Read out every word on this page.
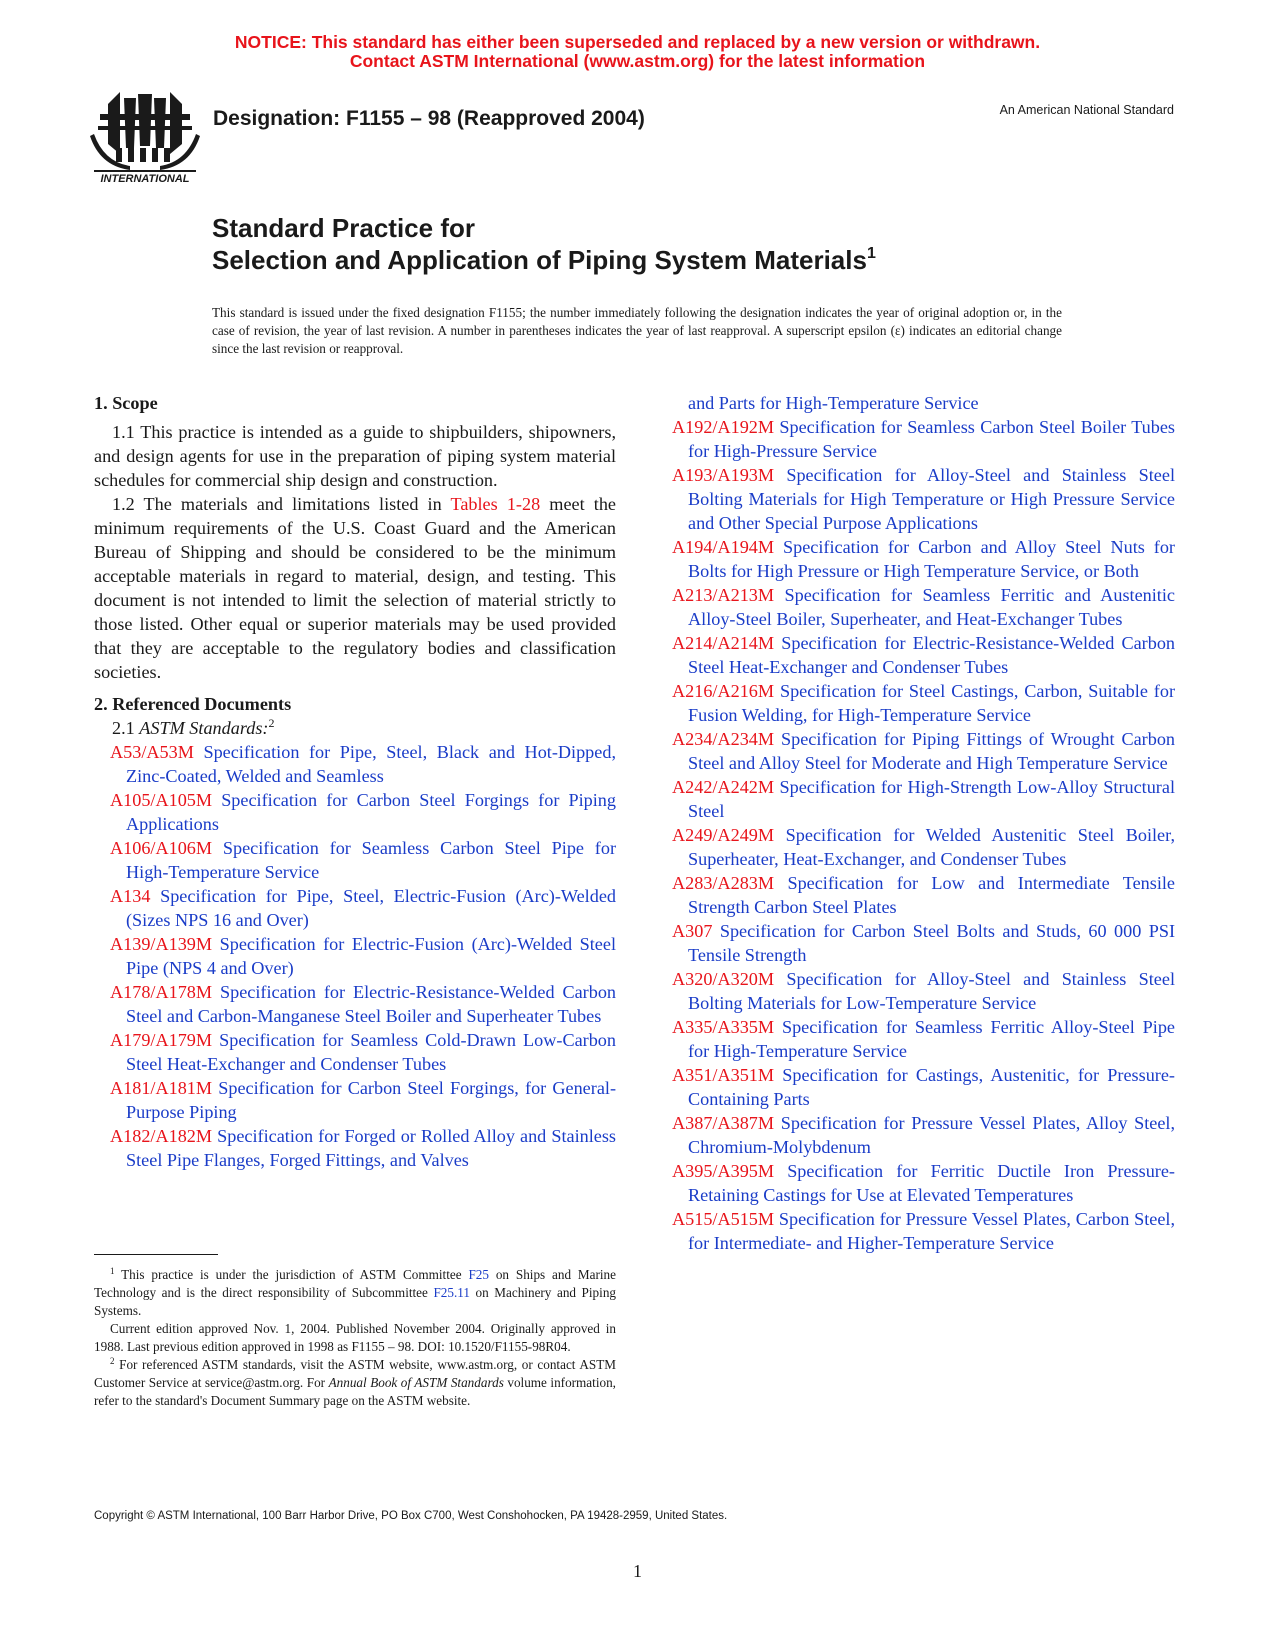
NOTICE: This standard has either been superseded and replaced by a new version or withdrawn.
Contact ASTM International (www.astm.org) for the latest information
INTERNATIONAL
Designation: F1155 – 98 (Reapproved 2004)	An American National Standard
Standard Practice for
Selection and Application of Piping System Materials$^1$
This standard is issued under the fixed designation F1155; the number immediately following the designation indicates the year of original adoption or, in the case of revision, the year of last revision. A number in parentheses indicates the year of last reapproval. A superscript epsilon (ε) indicates an editorial change since the last revision or reapproval.

1. Scope

1.1 This practice is intended as a guide to shipbuilders, shipowners, and design agents for use in the preparation of piping system material schedules for commercial ship design and construction.

1.2 The materials and limitations listed in Tables 1-28 meet the minimum requirements of the U.S. Coast Guard and the American Bureau of Shipping and should be considered to be the minimum acceptable materials in regard to material, design, and testing. This document is not intended to limit the selection of material strictly to those listed. Other equal or superior materials may be used provided that they are acceptable to the regulatory bodies and classification societies.

2. Referenced Documents

2.1 ASTM Standards:$^2$

A53/A53M Specification for Pipe, Steel, Black and Hot-Dipped, Zinc-Coated, Welded and Seamless

A105/A105M Specification for Carbon Steel Forgings for Piping Applications

A106/A106M Specification for Seamless Carbon Steel Pipe for High-Temperature Service

A134 Specification for Pipe, Steel, Electric-Fusion (Arc)-Welded (Sizes NPS 16 and Over)

A139/A139M Specification for Electric-Fusion (Arc)-Welded Steel Pipe (NPS 4 and Over)

A178/A178M Specification for Electric-Resistance-Welded Carbon Steel and Carbon-Manganese Steel Boiler and Superheater Tubes

A179/A179M Specification for Seamless Cold-Drawn Low-Carbon Steel Heat-Exchanger and Condenser Tubes

A181/A181M Specification for Carbon Steel Forgings, for General-Purpose Piping

A182/A182M Specification for Forged or Rolled Alloy and Stainless Steel Pipe Flanges, Forged Fittings, and Valves

and Parts for High-Temperature Service

A192/A192M Specification for Seamless Carbon Steel Boiler Tubes for High-Pressure Service

A193/A193M Specification for Alloy-Steel and Stainless Steel Bolting Materials for High Temperature or High Pressure Service and Other Special Purpose Applications

A194/A194M Specification for Carbon and Alloy Steel Nuts for Bolts for High Pressure or High Temperature Service, or Both

A213/A213M Specification for Seamless Ferritic and Austenitic Alloy-Steel Boiler, Superheater, and Heat-Exchanger Tubes

A214/A214M Specification for Electric-Resistance-Welded Carbon Steel Heat-Exchanger and Condenser Tubes

A216/A216M Specification for Steel Castings, Carbon, Suitable for Fusion Welding, for High-Temperature Service

A234/A234M Specification for Piping Fittings of Wrought Carbon Steel and Alloy Steel for Moderate and High Temperature Service

A242/A242M Specification for High-Strength Low-Alloy Structural Steel

A249/A249M Specification for Welded Austenitic Steel Boiler, Superheater, Heat-Exchanger, and Condenser Tubes

A283/A283M Specification for Low and Intermediate Tensile Strength Carbon Steel Plates

A307 Specification for Carbon Steel Bolts and Studs, 60 000 PSI Tensile Strength

A320/A320M Specification for Alloy-Steel and Stainless Steel Bolting Materials for Low-Temperature Service

A335/A335M Specification for Seamless Ferritic Alloy-Steel Pipe for High-Temperature Service

A351/A351M Specification for Castings, Austenitic, for Pressure-Containing Parts

A387/A387M Specification for Pressure Vessel Plates, Alloy Steel, Chromium-Molybdenum

A395/A395M Specification for Ferritic Ductile Iron Pressure-Retaining Castings for Use at Elevated Temperatures

A515/A515M Specification for Pressure Vessel Plates, Carbon Steel, for Intermediate- and Higher-Temperature Service

$^1$ This practice is under the jurisdiction of ASTM Committee F25 on Ships and Marine Technology and is the direct responsibility of Subcommittee F25.11 on Machinery and Piping Systems.

Current edition approved Nov. 1, 2004. Published November 2004. Originally approved in 1988. Last previous edition approved in 1998 as F1155 – 98. DOI: 10.1520/F1155-98R04.

$^2$ For referenced ASTM standards, visit the ASTM website, www.astm.org, or contact ASTM Customer Service at service@astm.org. For Annual Book of ASTM Standards volume information, refer to the standard's Document Summary page on the ASTM website.

Copyright © ASTM International, 100 Barr Harbor Drive, PO Box C700, West Conshohocken, PA 19428-2959, United States.
1
